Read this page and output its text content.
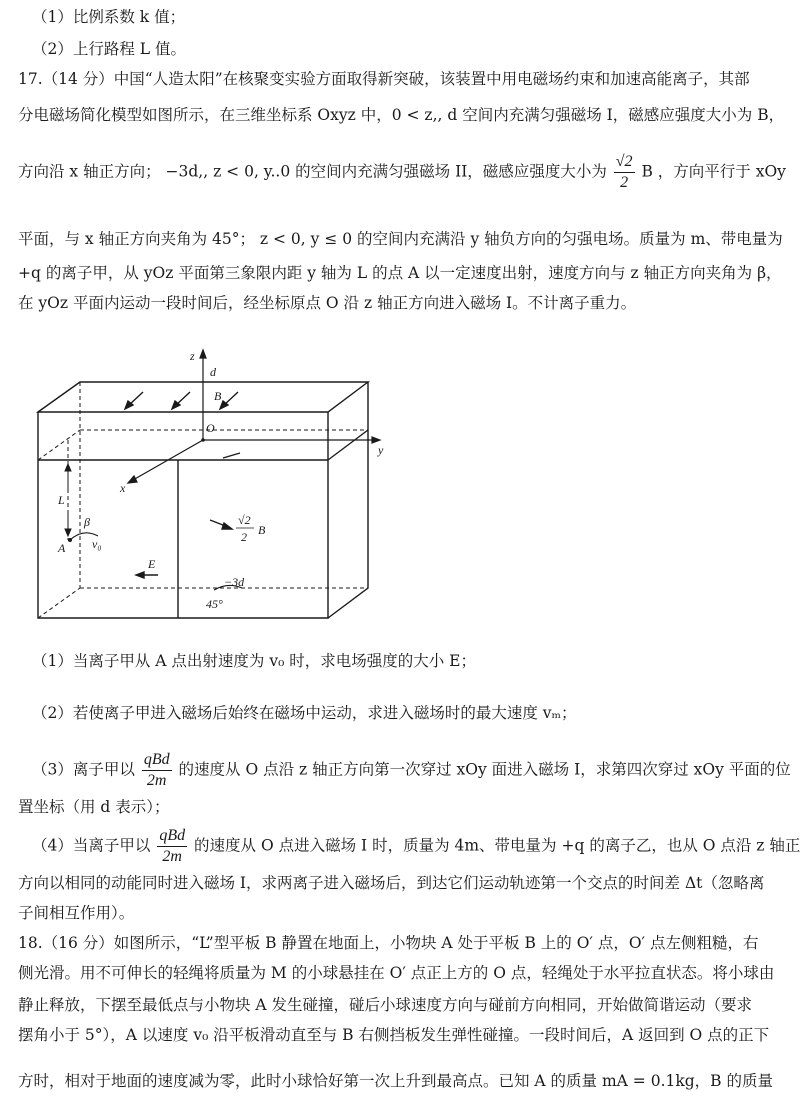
（1）比例系数 k 值；
（2）上行路程 L 值。
17.（14 分）中国“人造太阳”在核聚变实验方面取得新突破，该装置中用电磁场约束和加速高能离子，其部
分电磁场简化模型如图所示，在三维坐标系 Oxyz 中，0 < z,, d 空间内充满匀强磁场 I，磁感应强度大小为 B，
方向沿 x 轴正方向； −3d,, z < 0, y..0 的空间内充满匀强磁场 II，磁感应强度大小为 $\frac{√2}{2}$ B ，方向平行于 xOy
平面，与 x 轴正方向夹角为 45°； z < 0, y ≤ 0 的空间内充满沿 y 轴负方向的匀强电场。质量为 m、带电量为
+q 的离子甲，从 yOz 平面第三象限内距 y 轴为 L 的点 A 以一定速度出射，速度方向与 z 轴正方向夹角为 β，
在 yOz 平面内运动一段时间后，经坐标原点 O 沿 z 轴正方向进入磁场 I。不计离子重力。
z
d
B
O
y
x
L
β
A v₀
√2
2 B
E
−3d
45°
（1）当离子甲从 A 点出射速度为 v₀ 时，求电场强度的大小 E；
（2）若使离子甲进入磁场后始终在磁场中运动，求进入磁场时的最大速度 vₘ；
（3）离子甲以 $\frac{\text{qBd}}{2m}$ 的速度从 O 点沿 z 轴正方向第一次穿过 xOy 面进入磁场 I，求第四次穿过 xOy 平面的位
置坐标（用 d 表示）；
（4）当离子甲以 $\frac{\text{qBd}}{2m}$ 的速度从 O 点进入磁场 I 时，质量为 4m、带电量为 +q 的离子乙，也从 O 点沿 z 轴正
方向以相同的动能同时进入磁场 I，求两离子进入磁场后，到达它们运动轨迹第一个交点的时间差 Δt（忽略离
子间相互作用）。
18.（16 分）如图所示，“L”型平板 B 静置在地面上，小物块 A 处于平板 B 上的 O′ 点，O′ 点左侧粗糙，右
侧光滑。用不可伸长的轻绳将质量为 M 的小球悬挂在 O′ 点正上方的 O 点，轻绳处于水平拉直状态。将小球由
静止释放，下摆至最低点与小物块 A 发生碰撞，碰后小球速度方向与碰前方向相同，开始做简谐运动（要求
摆角小于 5°），A 以速度 v₀ 沿平板滑动直至与 B 右侧挡板发生弹性碰撞。一段时间后，A 返回到 O 点的正下
方时，相对于地面的速度减为零，此时小球恰好第一次上升到最高点。已知 A 的质量 mA = 0.1kg，B 的质量
